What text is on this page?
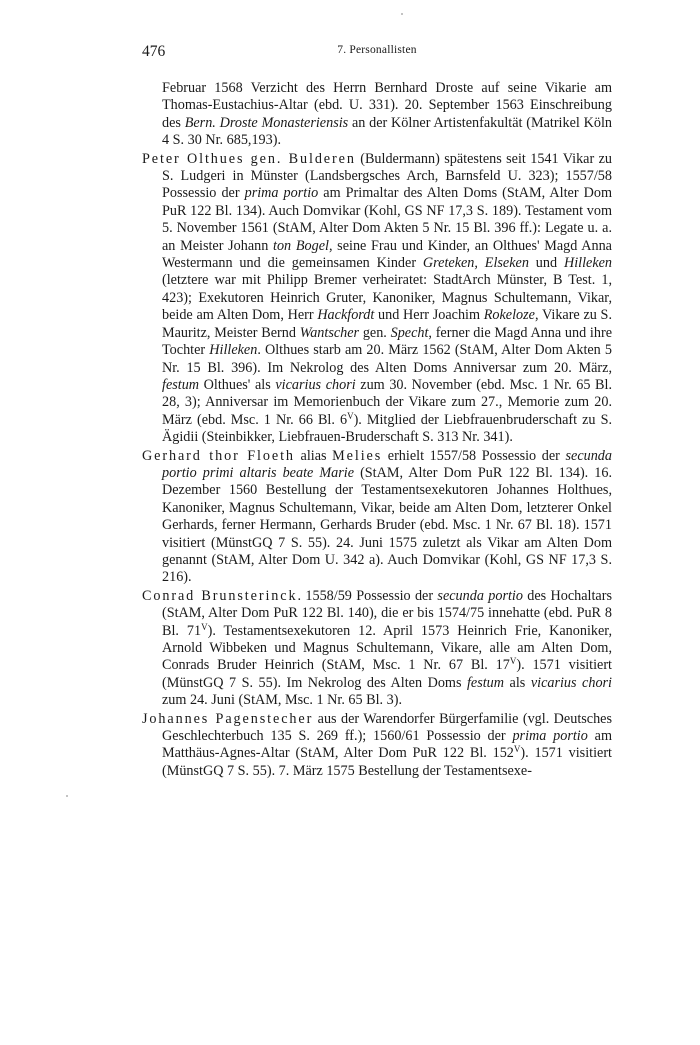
476	7. Personallisten

Februar 1568 Verzicht des Herrn Bernhard Droste auf seine Vikarie am Thomas-Eustachius-Altar (ebd. U. 331). 20. September 1563 Einschreibung des Bern. Droste Monasteriensis an der Kölner Artistenfakultät (Matrikel Köln 4 S. 30 Nr. 685,193).

Peter Olthues gen. Bulderen (Buldermann) spätestens seit 1541 Vikar zu S. Ludgeri in Münster (Landsbergsches Arch, Barnsfeld U. 323); 1557/58 Possessio der prima portio am Primaltar des Alten Doms (StAM, Alter Dom PuR 122 Bl. 134). Auch Domvikar (Kohl, GS NF 17,3 S. 189). Testament vom 5. November 1561 (StAM, Alter Dom Akten 5 Nr. 15 Bl. 396 ff.): Legate u. a. an Meister Johann ton Bogel, seine Frau und Kinder, an Olthues' Magd Anna Westermann und die gemeinsamen Kinder Greteken, Elseken und Hilleken (letztere war mit Philipp Bremer verheiratet: StadtArch Münster, B Test. 1, 423); Exekutoren Heinrich Gruter, Kanoniker, Magnus Schultemann, Vikar, beide am Alten Dom, Herr Hackfordt und Herr Joachim Rokeloze, Vikare zu S. Mauritz, Meister Bernd Wantscher gen. Specht, ferner die Magd Anna und ihre Tochter Hilleken. Olthues starb am 20. März 1562 (StAM, Alter Dom Akten 5 Nr. 15 Bl. 396). Im Nekrolog des Alten Doms Anniversar zum 20. März, festum Olthues' als vicarius chori zum 30. November (ebd. Msc. 1 Nr. 65 Bl. 28, 3); Anniversar im Memorienbuch der Vikare zum 27., Memorie zum 20. März (ebd. Msc. 1 Nr. 66 Bl. $6^V$). Mitglied der Liebfrauenbruderschaft zu S. Ägidii (Steinbikker, Liebfrauen-Bruderschaft S. 313 Nr. 341).

Gerhard thor Floeth alias Melies erhielt 1557/58 Possessio der secunda portio primi altaris beate Marie (StAM, Alter Dom PuR 122 Bl. 134). 16. Dezember 1560 Bestellung der Testamentsexekutoren Johannes Holthues, Kanoniker, Magnus Schultemann, Vikar, beide am Alten Dom, letzterer Onkel Gerhards, ferner Hermann, Gerhards Bruder (ebd. Msc. 1 Nr. 67 Bl. 18). 1571 visitiert (MünstGQ 7 S. 55). 24. Juni 1575 zuletzt als Vikar am Alten Dom genannt (StAM, Alter Dom U. 342 a). Auch Domvikar (Kohl, GS NF 17,3 S. 216).

Conrad Brunsterinck. 1558/59 Possessio der secunda portio des Hochaltars (StAM, Alter Dom PuR 122 Bl. 140), die er bis 1574/75 innehatte (ebd. PuR 8 Bl. $71^V$). Testamentsexekutoren 12. April 1573 Heinrich Frie, Kanoniker, Arnold Wibbeken und Magnus Schultemann, Vikare, alle am Alten Dom, Conrads Bruder Heinrich (StAM, Msc. 1 Nr. 67 Bl. $17^V$). 1571 visitiert (MünstGQ 7 S. 55). Im Nekrolog des Alten Doms festum als vicarius chori zum 24. Juni (StAM, Msc. 1 Nr. 65 Bl. 3).

Johannes Pagenstecher aus der Warendorfer Bürgerfamilie (vgl. Deutsches Geschlechterbuch 135 S. 269 ff.); 1560/61 Possessio der prima portio am Matthäus-Agnes-Altar (StAM, Alter Dom PuR 122 Bl. $152^V$). 1571 visitiert (MünstGQ 7 S. 55). 7. März 1575 Bestellung der Testamentsexe-
